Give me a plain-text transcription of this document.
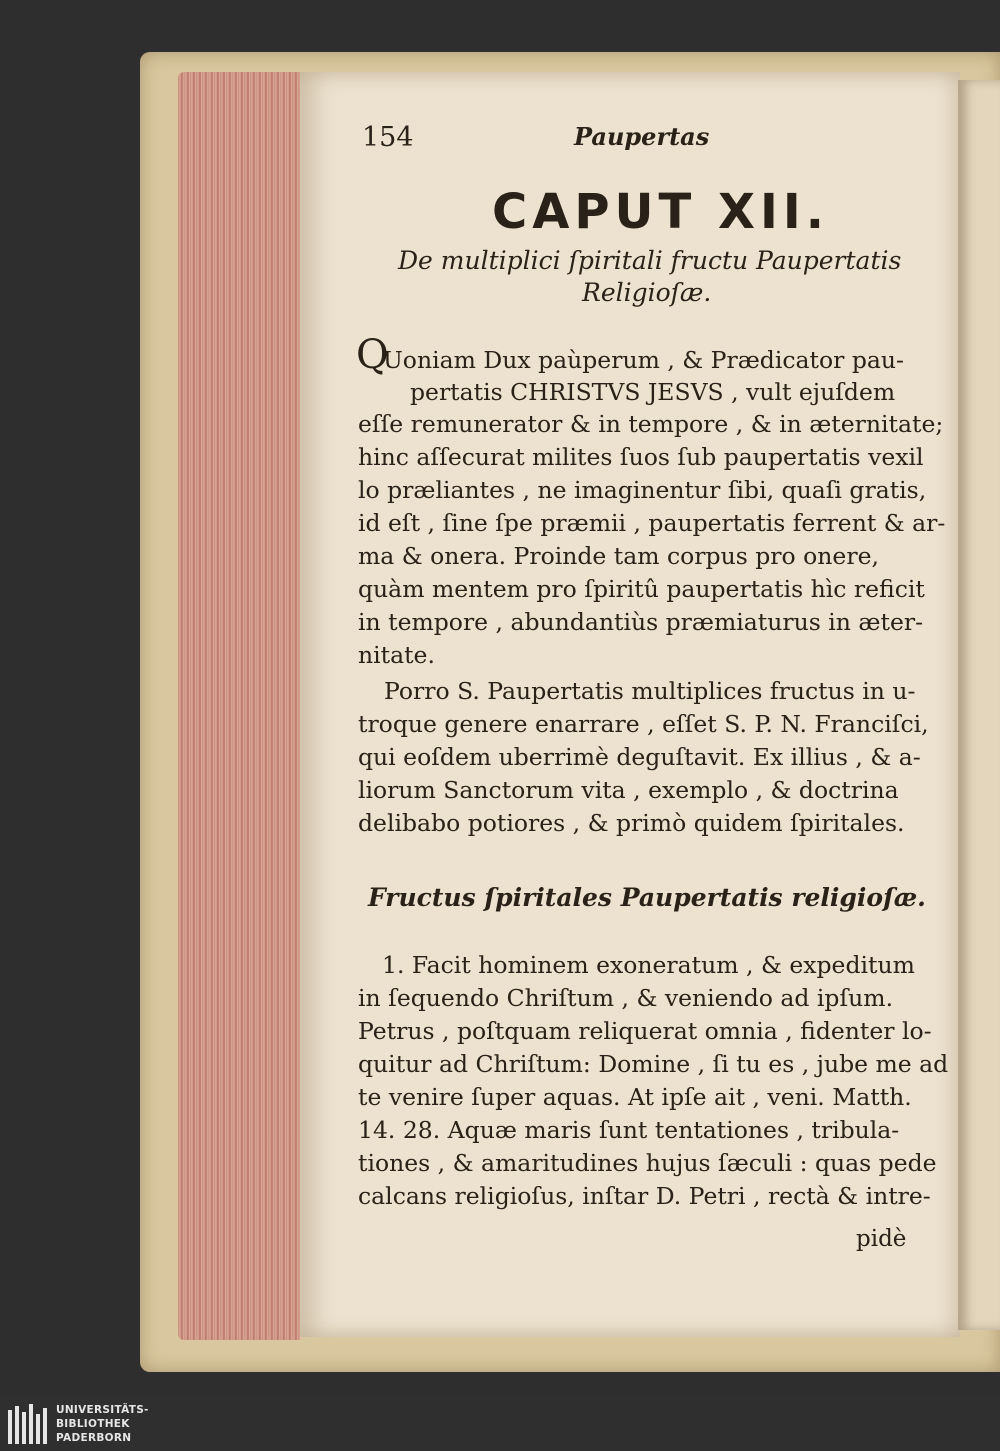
154	Paupertas
CAPUT XII.
De multiplici ſpiritali fructu Paupertatis
Religioſæ.
Q
Uoniam Dux paùperum , & Prædicator pau-
pertatis CHRISTVS JESVS , vult ejuſdem
eſſe remunerator & in tempore , & in æternitate;
hinc aſſecurat milites ſuos ſub paupertatis vexil
lo præliantes , ne imaginentur ſibi, quaſi gratis,
id eſt , ſine ſpe præmii , paupertatis ferrent & ar-
ma & onera. Proinde tam corpus pro onere,
quàm mentem pro ſpiritû paupertatis hìc reficit
in tempore , abundantiùs præmiaturus in æter-
nitate.
Porro S. Paupertatis multiplices fructus in u-
troque genere enarrare , eſſet S. P. N. Franciſci,
qui eoſdem uberrimè deguſtavit. Ex illius , & a-
liorum Sanctorum vita , exemplo , & doctrina
delibabo potiores , & primò quidem ſpiritales.
Fructus ſpiritales Paupertatis religioſæ.
1. Facit hominem exoneratum , & expeditum
in ſequendo Chriſtum , & veniendo ad ipſum.
Petrus , poſtquam reliquerat omnia , fidenter lo-
quitur ad Chriſtum: Domine , ſi tu es , jube me ad
te venire ſuper aquas. At ipſe ait , veni. Matth.
14. 28. Aquæ maris ſunt tentationes , tribula-
tiones , & amaritudines hujus ſæculi : quas pede
calcans religioſus, inſtar D. Petri , rectà & intre-
pidè
UNIVERSITÄTS-
BIBLIOTHEK
PADERBORN
